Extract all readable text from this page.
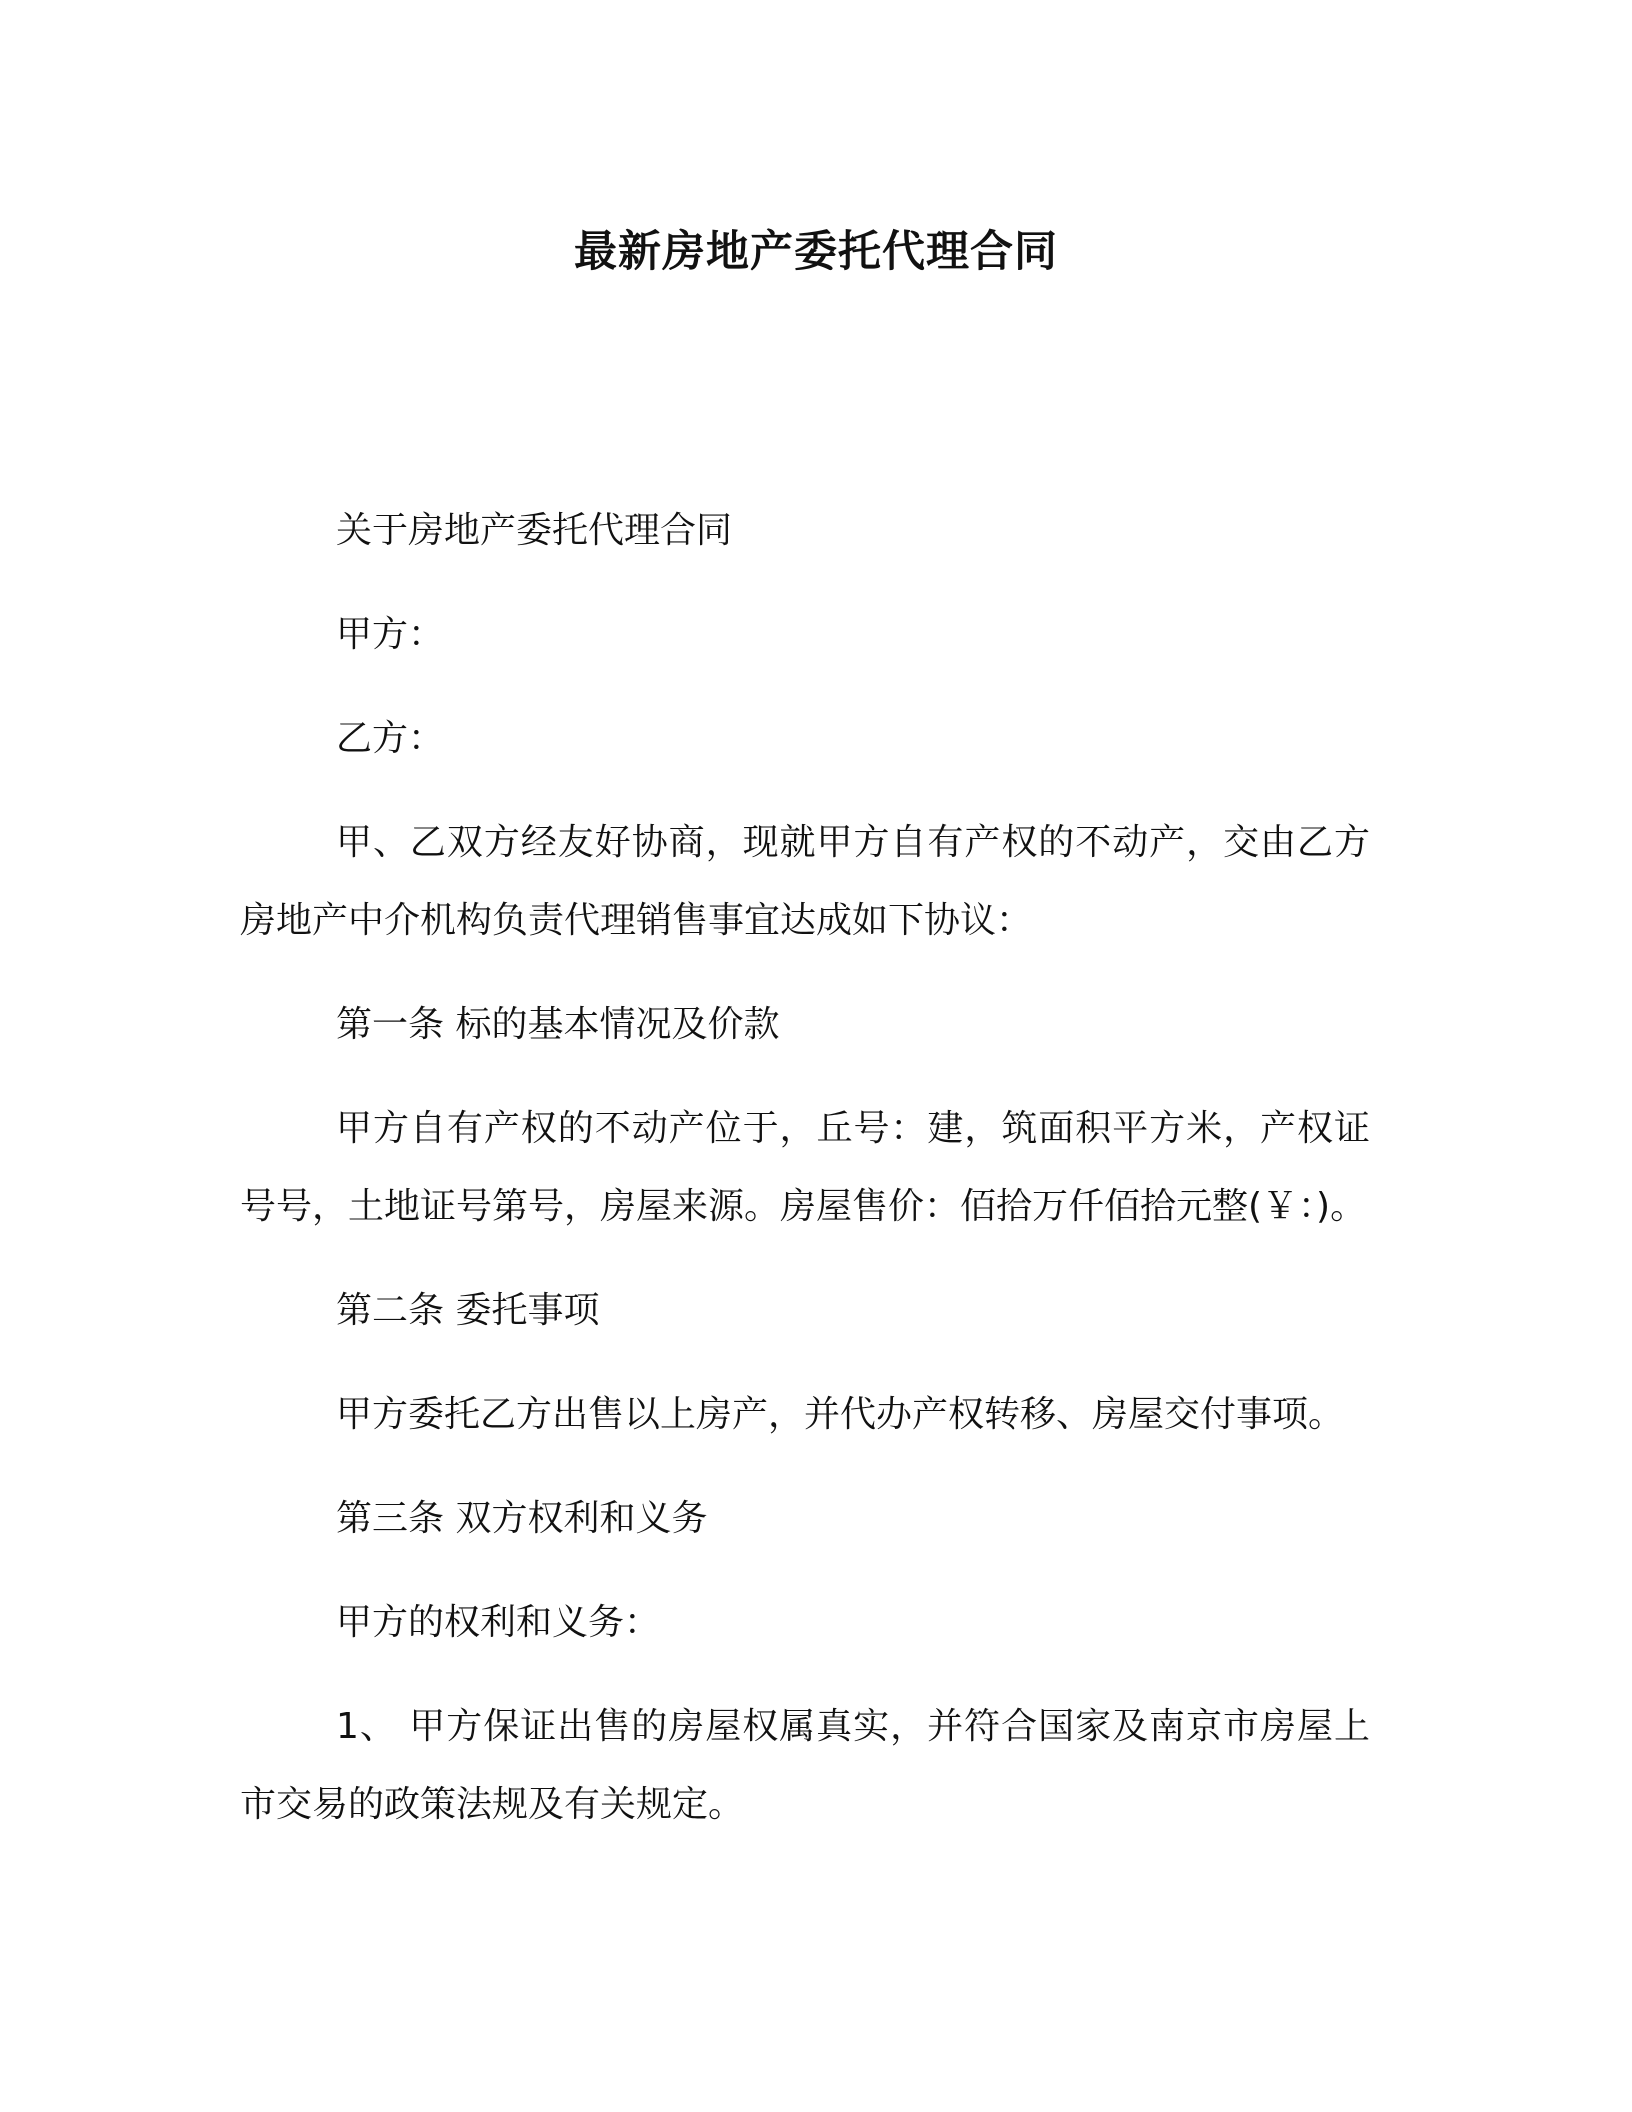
最新房地产委托代理合同

关于房地产委托代理合同

甲方：

乙方：

甲、乙双方经友好协商，现就甲方自有产权的不动产，交由乙方房地产中介机构负责代理销售事宜达成如下协议：

第一条 标的基本情况及价款

甲方自有产权的不动产位于，丘号：建，筑面积平方米，产权证号号，土地证号第号，房屋来源。房屋售价：佰拾万仟佰拾元整(￥：)。

第二条 委托事项

甲方委托乙方出售以上房产，并代办产权转移、房屋交付事项。

第三条 双方权利和义务

甲方的权利和义务：

1、 甲方保证出售的房屋权属真实，并符合国家及南京市房屋上市交易的政策法规及有关规定。
